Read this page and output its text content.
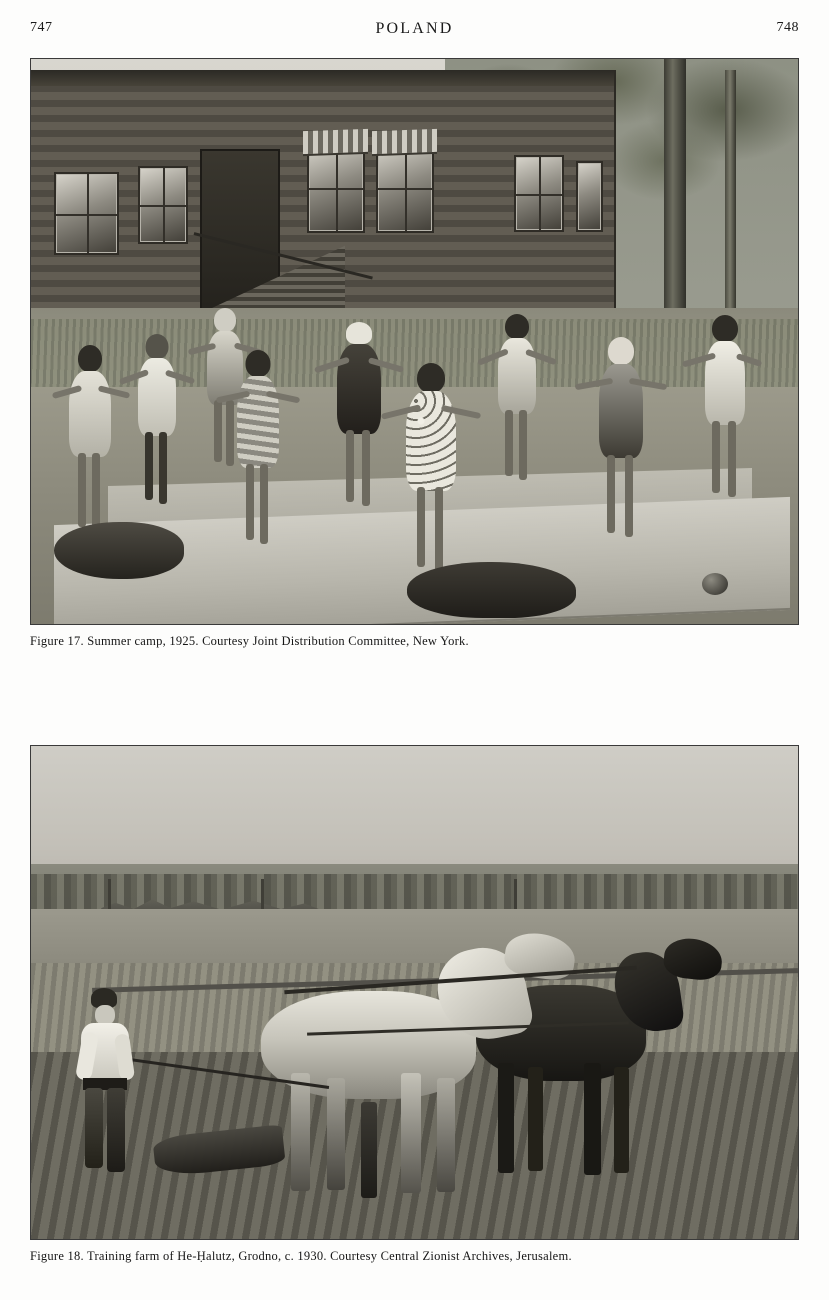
747	POLAND	748
Figure 17. Summer camp, 1925. Courtesy Joint Distribution Committee, New York.
Figure 18. Training farm of He-Ḥalutz, Grodno, c. 1930. Courtesy Central Zionist Archives, Jerusalem.
